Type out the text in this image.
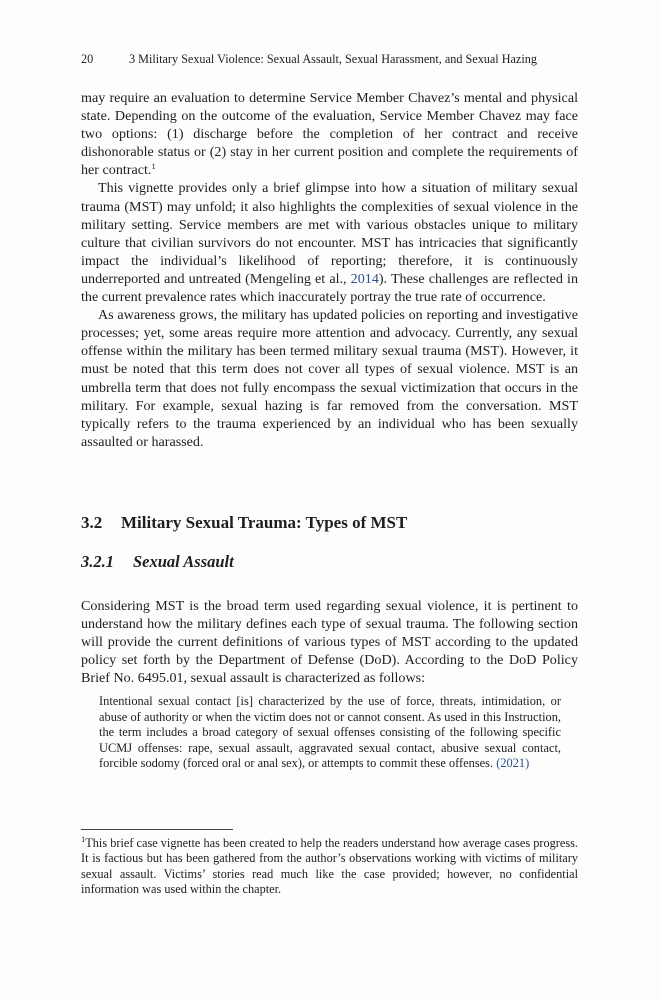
20	3 Military Sexual Violence: Sexual Assault, Sexual Harassment, and Sexual Hazing

may require an evaluation to determine Service Member Chavez’s mental and physical state. Depending on the outcome of the evaluation, Service Member Chavez may face two options: (1) discharge before the completion of her contract and receive dishonorable status or (2) stay in her current position and complete the requirements of her contract.$^1$

This vignette provides only a brief glimpse into how a situation of military sexual trauma (MST) may unfold; it also highlights the complexities of sexual violence in the military setting. Service members are met with various obstacles unique to military culture that civilian survivors do not encounter. MST has intricacies that significantly impact the individual’s likelihood of reporting; therefore, it is continuously underreported and untreated (Mengeling et al., 2014). These challenges are reflected in the current prevalence rates which inaccurately portray the true rate of occurrence.

As awareness grows, the military has updated policies on reporting and investigative processes; yet, some areas require more attention and advocacy. Currently, any sexual offense within the military has been termed military sexual trauma (MST). However, it must be noted that this term does not cover all types of sexual violence. MST is an umbrella term that does not fully encompass the sexual victimization that occurs in the military. For example, sexual hazing is far removed from the conversation. MST typically refers to the trauma experienced by an individual who has been sexually assaulted or harassed.

3.2 Military Sexual Trauma: Types of MST
3.2.1 Sexual Assault

Considering MST is the broad term used regarding sexual violence, it is pertinent to understand how the military defines each type of sexual trauma. The following section will provide the current definitions of various types of MST according to the updated policy set forth by the Department of Defense (DoD). According to the DoD Policy Brief No. 6495.01, sexual assault is characterized as follows:

Intentional sexual contact [is] characterized by the use of force, threats, intimidation, or abuse of authority or when the victim does not or cannot consent. As used in this Instruction, the term includes a broad category of sexual offenses consisting of the following specific UCMJ offenses: rape, sexual assault, aggravated sexual contact, abusive sexual contact, forcible sodomy (forced oral or anal sex), or attempts to commit these offenses. (2021)

$^1$This brief case vignette has been created to help the readers understand how average cases progress. It is factious but has been gathered from the author’s observations working with victims of military sexual assault. Victims’ stories read much like the case provided; however, no confidential information was used within the chapter.
